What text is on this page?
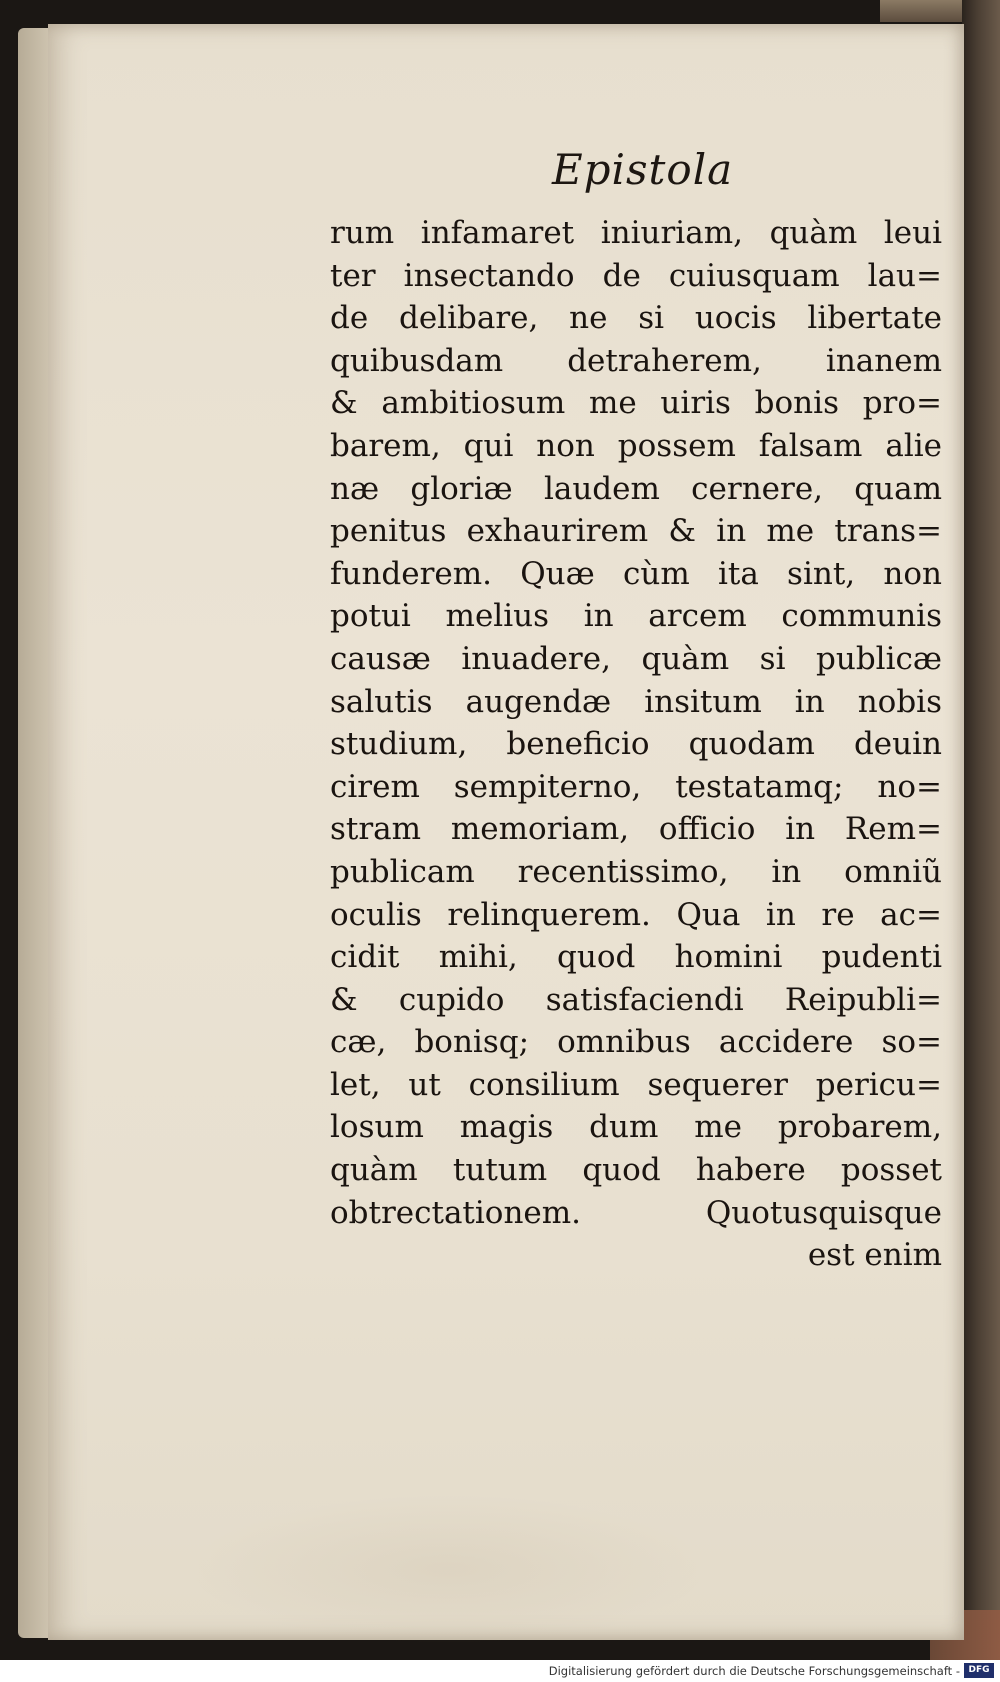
Epistola
rum infamaret iniuriam, quàm leui
ter insectando de cuiusquam lau=
de delibare, ne si uocis libertate
quibusdam detraherem, inanem
& ambitiosum me uiris bonis pro=
barem, qui non possem falsam alie
næ gloriæ laudem cernere, quam
penitus exhaurirem & in me trans=
funderem. Quæ cùm ita sint, non
potui melius in arcem communis
causæ inuadere, quàm si publicæ
salutis augendæ insitum in nobis
studium, beneficio quodam deuin
cirem sempiterno, testatamq; no=
stram memoriam, officio in Rem=
publicam recentissimo, in omniũ
oculis relinquerem. Qua in re ac=
cidit mihi, quod homini pudenti
& cupido satisfaciendi Reipubli=
cæ, bonisq; omnibus accidere so=
let, ut consilium sequerer pericu=
losum magis dum me probarem,
quàm tutum quod habere posset
obtrectationem. Quotusquisque
est enim
Digitalisierung gefördert durch die Deutsche Forschungsgemeinschaft - DFG
